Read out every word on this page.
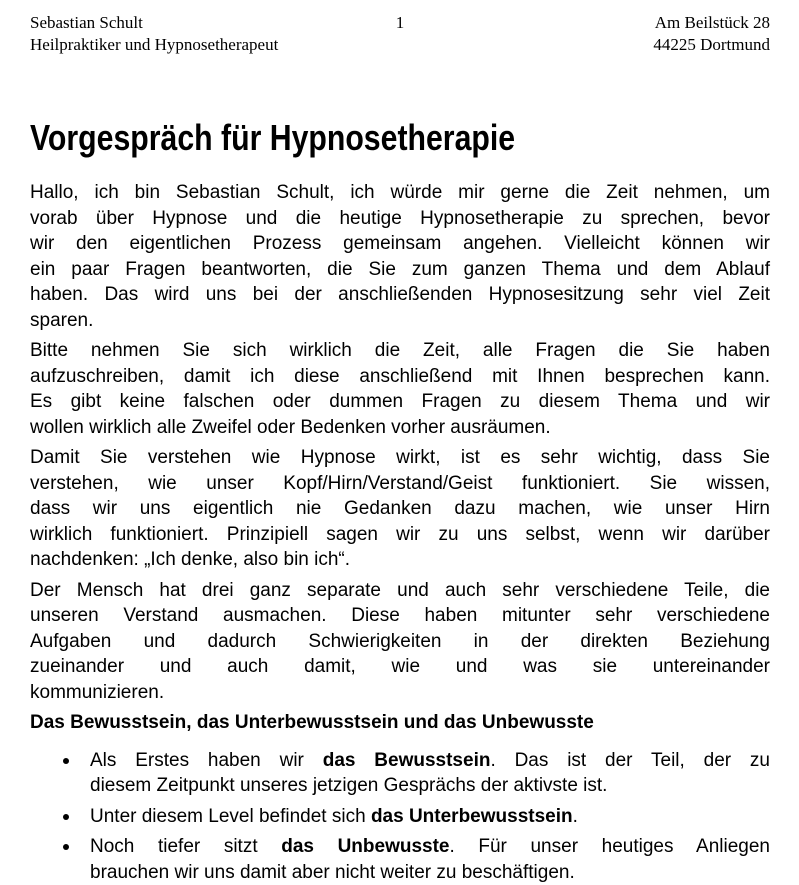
Sebastian Schult
Heilpraktiker und Hypnosetherapeut
1	Am Beilstück 28
44225 Dortmund
Vorgespräch für Hypnosetherapie
Hallo, ich bin Sebastian Schult, ich würde mir gerne die Zeit nehmen, um
vorab über Hypnose und die heutige Hypnosetherapie zu sprechen, bevor
wir den eigentlichen Prozess gemeinsam angehen. Vielleicht können wir
ein paar Fragen beantworten, die Sie zum ganzen Thema und dem Ablauf
haben. Das wird uns bei der anschließenden Hypnosesitzung sehr viel Zeit
sparen.
Bitte nehmen Sie sich wirklich die Zeit, alle Fragen die Sie haben
aufzuschreiben, damit ich diese anschließend mit Ihnen besprechen kann.
Es gibt keine falschen oder dummen Fragen zu diesem Thema und wir
wollen wirklich alle Zweifel oder Bedenken vorher ausräumen.
Damit Sie verstehen wie Hypnose wirkt, ist es sehr wichtig, dass Sie
verstehen, wie unser Kopf/Hirn/Verstand/Geist funktioniert. Sie wissen,
dass wir uns eigentlich nie Gedanken dazu machen, wie unser Hirn
wirklich funktioniert. Prinzipiell sagen wir zu uns selbst, wenn wir darüber
nachdenken: „Ich denke, also bin ich“.
Der Mensch hat drei ganz separate und auch sehr verschiedene Teile, die
unseren Verstand ausmachen. Diese haben mitunter sehr verschiedene
Aufgaben und dadurch Schwierigkeiten in der direkten Beziehung
zueinander und auch damit, wie und was sie untereinander
kommunizieren.
Das Bewusstsein, das Unterbewusstsein und das Unbewusste
Als Erstes haben wir das Bewusstsein. Das ist der Teil, der zu
diesem Zeitpunkt unseres jetzigen Gesprächs der aktivste ist.
Unter diesem Level befindet sich das Unterbewusstsein.
Noch tiefer sitzt das Unbewusste. Für unser heutiges Anliegen
brauchen wir uns damit aber nicht weiter zu beschäftigen.
